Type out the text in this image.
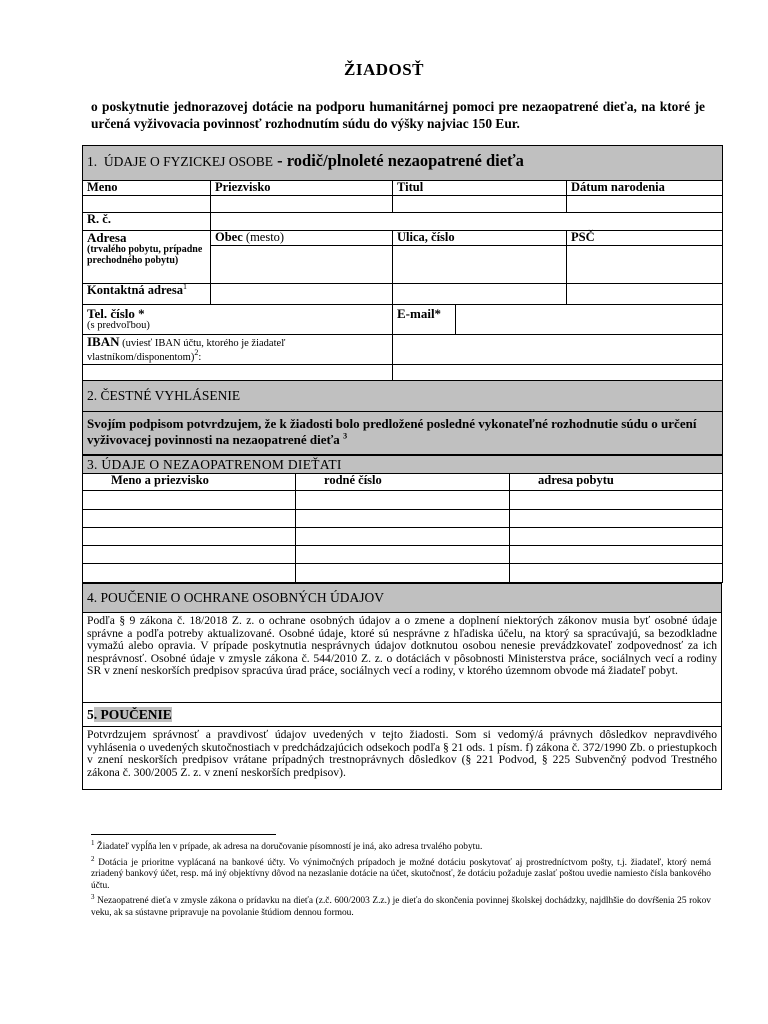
ŽIADOSŤ
o poskytnutie jednorazovej dotácie na podporu humanitárnej pomoci pre nezaopatrené dieťa, na ktoré je určená vyživovacia povinnosť rozhodnutím súdu do výšky najviac 150 Eur.
1. ÚDAJE O FYZICKEJ OSOBE - rodič/plnoleté nezaopatrené dieťa				
Meno	Priezvisko	Titul		Dátum narodenia

R. č.				

Adresa
(trvalého pobytu, prípadne prechodného pobytu)	Obec (mesto)	Ulica, číslo		PSČ

Kontaktná adresa$^1$			

Tel. číslo *
(s predvoľbou)		E-mail*		
IBAN (uviesť IBAN účtu, ktorého je žiadateľ vlastníkom/disponentom)$^2$:				

2. ČESTNÉ VYHLÁSENIE				
Svojím podpisom potvrdzujem, že k žiadosti bolo predložené posledné vykonateľné rozhodnutie súdu o určení vyživovacej povinnosti na nezaopatrené dieťa $^3$
3. ÚDAJE O NEZAOPATRENOM DIEŤATI		
Meno a priezvisko	rodné číslo	adresa pobytu

4. POUČENIE O OCHRANE OSOBNÝCH ÚDAJOV
Podľa § 9 zákona č. 18/2018 Z. z. o ochrane osobných údajov a o zmene a doplnení niektorých zákonov musia byť osobné údaje správne a podľa potreby aktualizované. Osobné údaje, ktoré sú nesprávne z hľadiska účelu, na ktorý sa spracúvajú, sa bezodkladne vymažú alebo opravia. V prípade poskytnutia nesprávnych údajov dotknutou osobou nenesie prevádzkovateľ zodpovednosť za ich nesprávnosť. Osobné údaje v zmysle zákona č. 544/2010 Z. z. o dotáciách v pôsobnosti Ministerstva práce, sociálnych vecí a rodiny SR v znení neskorších predpisov spracúva úrad práce, sociálnych vecí a rodiny, v ktorého územnom obvode má žiadateľ pobyt.
5. POUČENIE
Potvrdzujem správnosť a pravdivosť údajov uvedených v tejto žiadosti. Som si vedomý/á právnych dôsledkov nepravdivého vyhlásenia o uvedených skutočnostiach v predchádzajúcich odsekoch podľa § 21 ods. 1 písm. f) zákona č. 372/1990 Zb. o priestupkoch v znení neskorších predpisov vrátane prípadných trestnoprávnych dôsledkov (§ 221 Podvod, § 225 Subvenčný podvod Trestného zákona č. 300/2005 Z. z. v znení neskorších predpisov).

$^1$ Žiadateľ vypĺňa len v prípade, ak adresa na doručovanie písomností je iná, ako adresa trvalého pobytu.

$^2$ Dotácia je prioritne vyplácaná na bankové účty. Vo výnimočných prípadoch je možné dotáciu poskytovať aj prostredníctvom pošty, t.j. žiadateľ, ktorý nemá zriadený bankový účet, resp. má iný objektívny dôvod na nezaslanie dotácie na účet, skutočnosť, že dotáciu požaduje zaslať poštou uvedie namiesto čísla bankového účtu.

$^3$ Nezaopatrené dieťa v zmysle zákona o prídavku na dieťa (z.č. 600/2003 Z.z.) je dieťa do skončenia povinnej školskej dochádzky, najdlhšie do dovŕšenia 25 rokov veku, ak sa sústavne pripravuje na povolanie štúdiom dennou formou.
